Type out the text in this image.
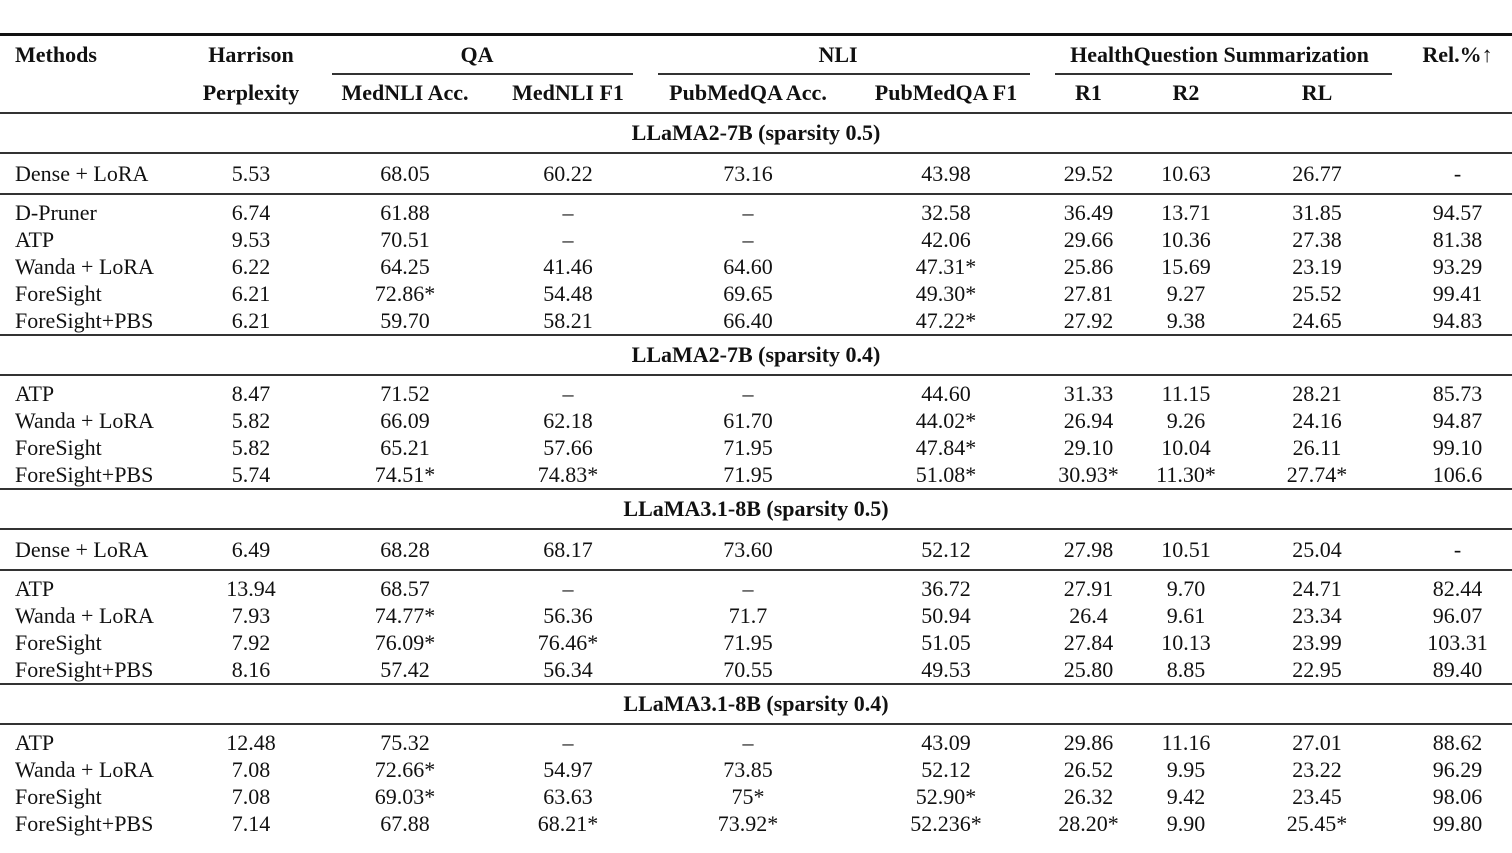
Methods	Harrison	QA		NLI		HealthQuestion Summarization			Rel.%↑
	Perplexity	MedNLI Acc.	MedNLI F1	PubMedQA Acc.	PubMedQA F1	R1	R2	RL	
LLaMA2-7B (sparsity 0.5)									
Dense + LoRA	5.53	68.05	60.22	73.16	43.98	29.52	10.63	26.77	-
D-Pruner	6.74	61.88	–	–	32.58	36.49	13.71	31.85	94.57
ATP	9.53	70.51	–	–	42.06	29.66	10.36	27.38	81.38
Wanda + LoRA	6.22	64.25	41.46	64.60	47.31*	25.86	15.69	23.19	93.29
ForeSight	6.21	72.86*	54.48	69.65	49.30*	27.81	9.27	25.52	99.41
ForeSight+PBS	6.21	59.70	58.21	66.40	47.22*	27.92	9.38	24.65	94.83
LLaMA2-7B (sparsity 0.4)									
ATP	8.47	71.52	–	–	44.60	31.33	11.15	28.21	85.73
Wanda + LoRA	5.82	66.09	62.18	61.70	44.02*	26.94	9.26	24.16	94.87
ForeSight	5.82	65.21	57.66	71.95	47.84*	29.10	10.04	26.11	99.10
ForeSight+PBS	5.74	74.51*	74.83*	71.95	51.08*	30.93*	11.30*	27.74*	106.6
LLaMA3.1-8B (sparsity 0.5)									
Dense + LoRA	6.49	68.28	68.17	73.60	52.12	27.98	10.51	25.04	-
ATP	13.94	68.57	–	–	36.72	27.91	9.70	24.71	82.44
Wanda + LoRA	7.93	74.77*	56.36	71.7	50.94	26.4	9.61	23.34	96.07
ForeSight	7.92	76.09*	76.46*	71.95	51.05	27.84	10.13	23.99	103.31
ForeSight+PBS	8.16	57.42	56.34	70.55	49.53	25.80	8.85	22.95	89.40
LLaMA3.1-8B (sparsity 0.4)									
ATP	12.48	75.32	–	–	43.09	29.86	11.16	27.01	88.62
Wanda + LoRA	7.08	72.66*	54.97	73.85	52.12	26.52	9.95	23.22	96.29
ForeSight	7.08	69.03*	63.63	75*	52.90*	26.32	9.42	23.45	98.06
ForeSight+PBS	7.14	67.88	68.21*	73.92*	52.236*	28.20*	9.90	25.45*	99.80
